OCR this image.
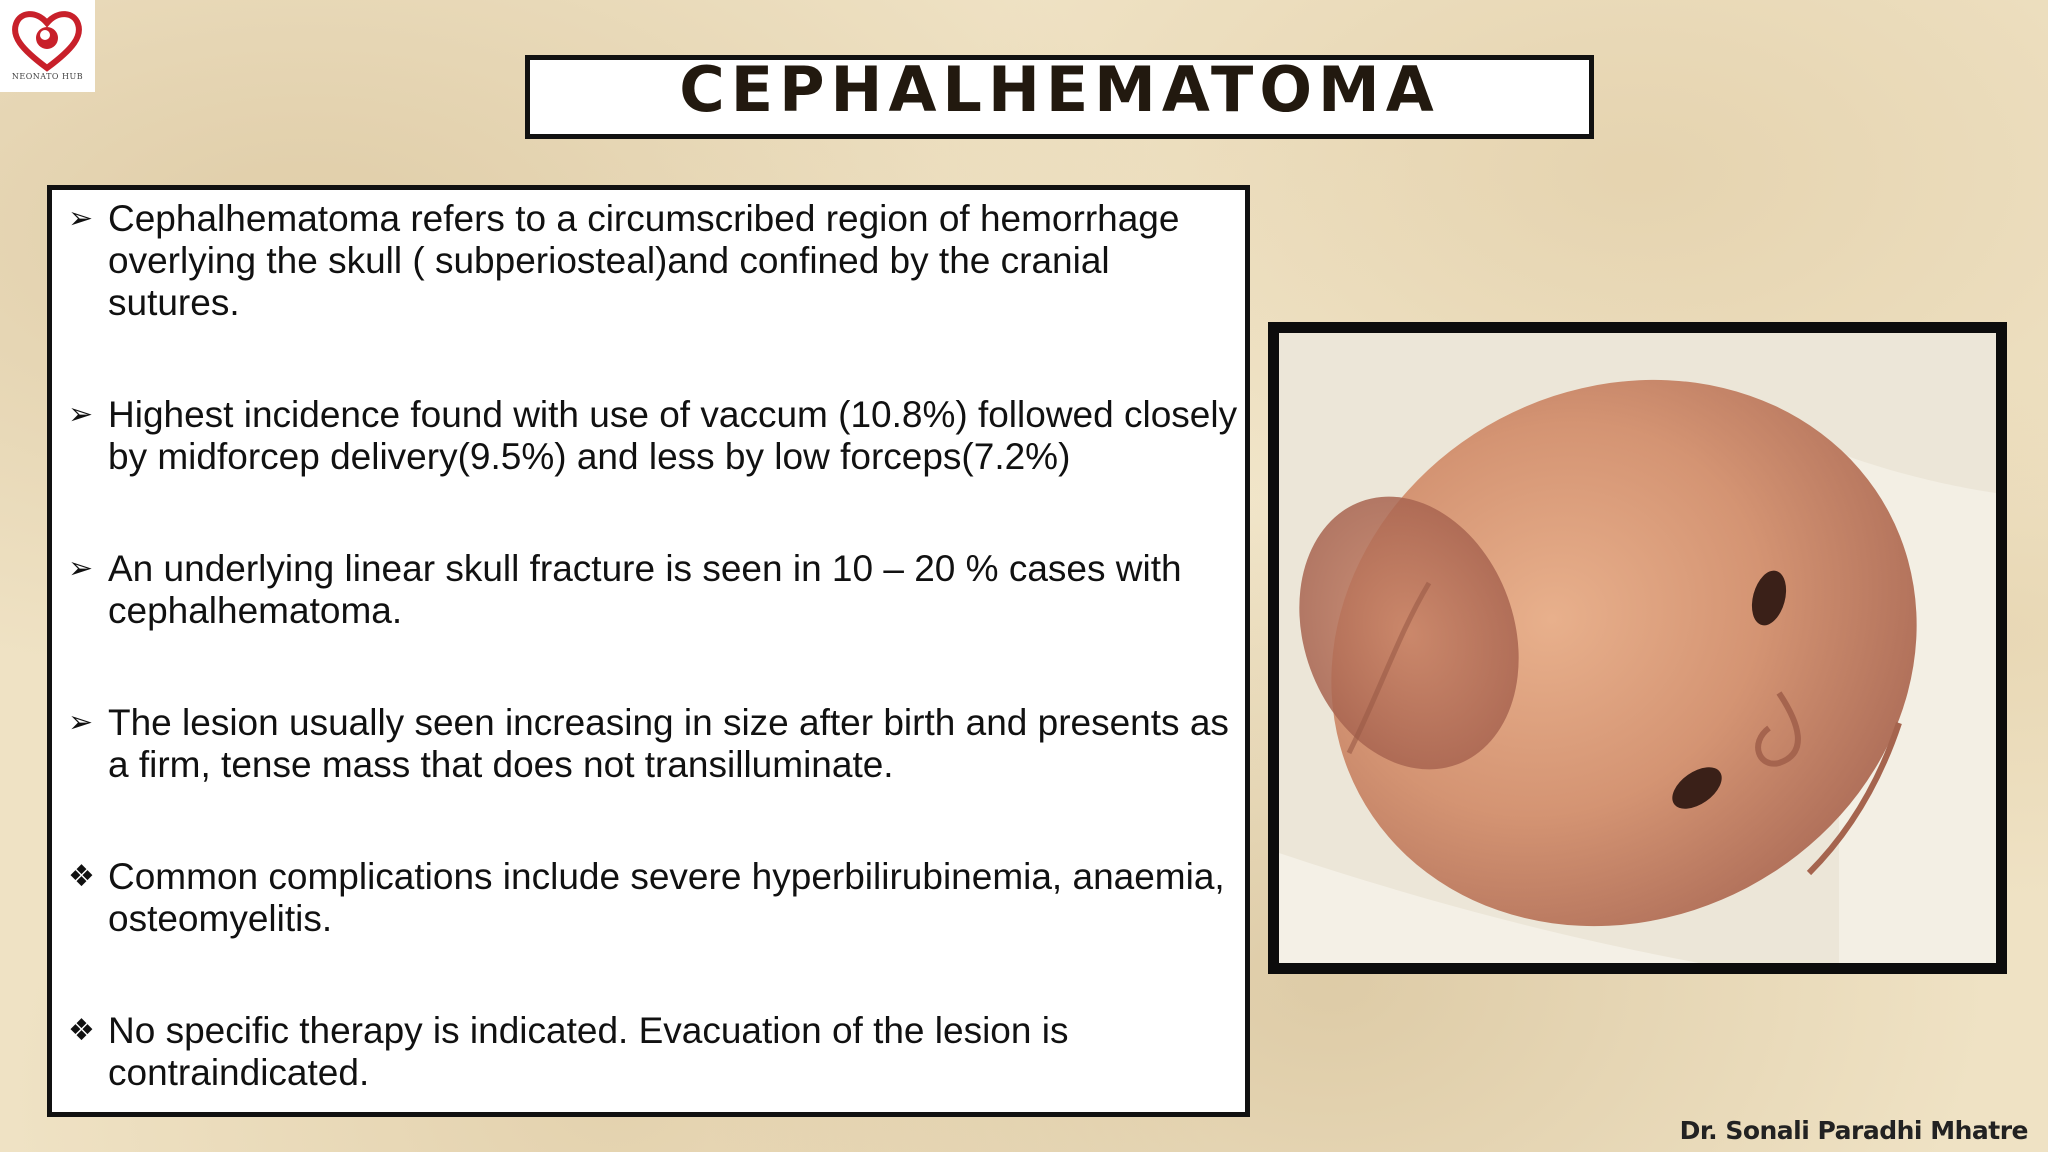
NEONATO HUB	CEPHALHEMATOMA
➢ Cephalhematoma refers to a circumscribed region of hemorrhage overlying the skull ( subperiosteal)and confined by the cranial sutures.
➢ Highest incidence found with use of vaccum (10.8%) followed closely by midforcep delivery(9.5%) and less by low forceps(7.2%)
➢ An underlying linear skull fracture is seen in 10 – 20 % cases with cephalhematoma.
➢ The lesion usually seen increasing in size after birth and presents as a firm, tense mass that does not transilluminate.
❖ Common complications include severe hyperbilirubinemia, anaemia, osteomyelitis.
❖ No specific therapy is indicated. Evacuation of the lesion is contraindicated.
Dr. Sonali Paradhi Mhatre
